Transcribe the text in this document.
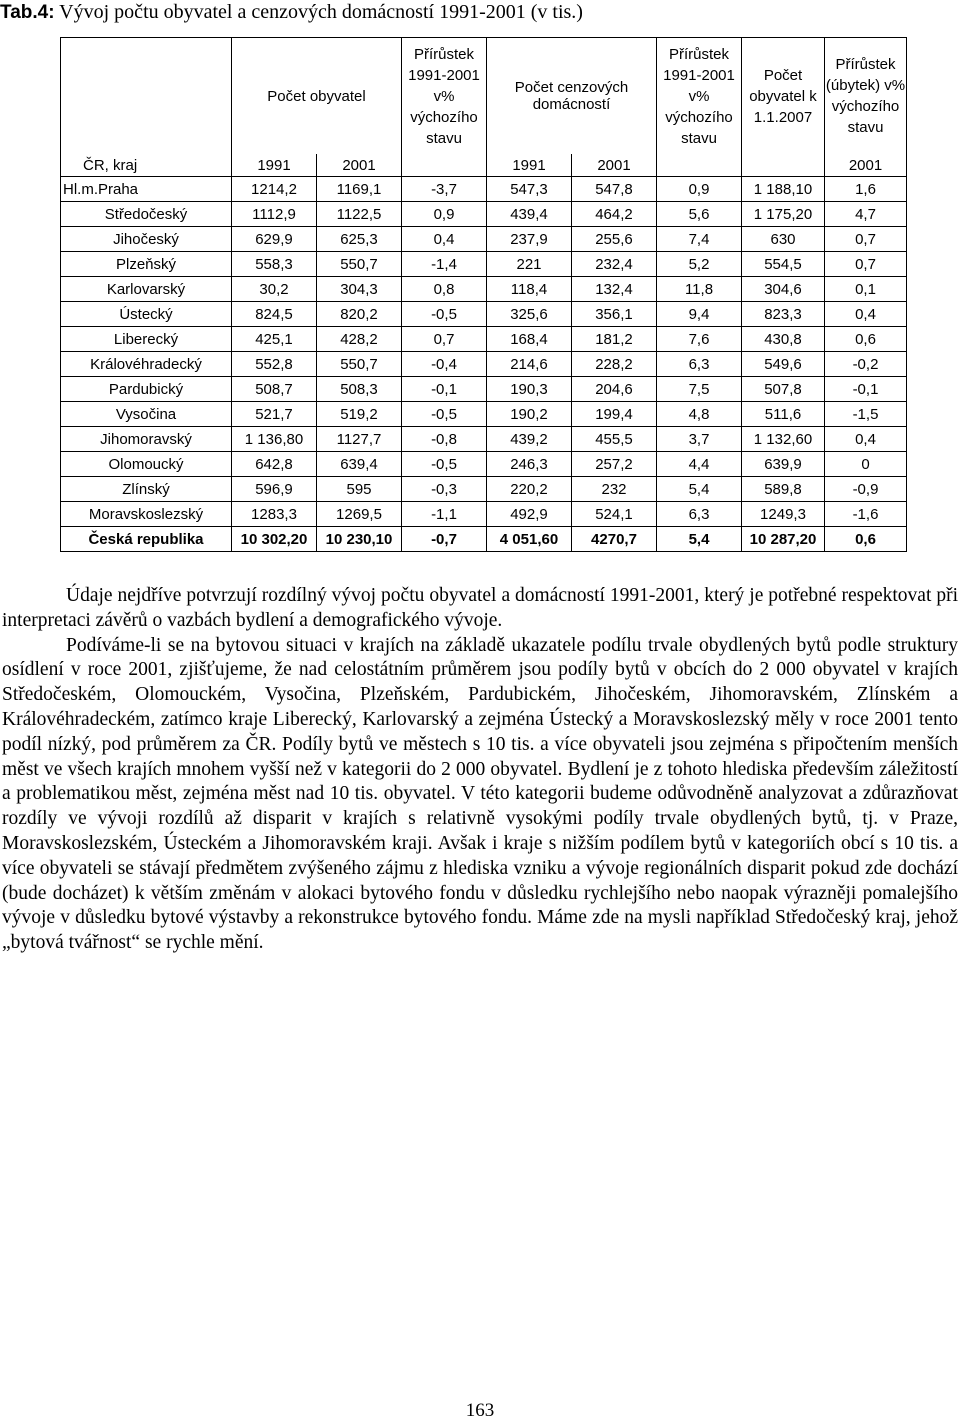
Tab.4: Vývoj počtu obyvatel a cenzových domácností 1991-2001 (v tis.)
	Počet obyvatel		Přírůstek 1991-2001 v% výchozího stavu	Počet cenzových domácností		Přírůstek 1991-2001 v% výchozího stavu	Počet obyvatel k 1.1.2007	Přírůstek (úbytek) v% výchozího stavu
ČR, kraj	1991	2001		1991	2001			2001
Hl.m.Praha	1214,2	1169,1	-3,7	547,3	547,8	0,9	1 188,10	1,6
Středočeský	1112,9	1122,5	0,9	439,4	464,2	5,6	1 175,20	4,7
Jihočeský	629,9	625,3	0,4	237,9	255,6	7,4	630	0,7
Plzeňský	558,3	550,7	-1,4	221	232,4	5,2	554,5	0,7
Karlovarský	30,2	304,3	0,8	118,4	132,4	11,8	304,6	0,1
Ústecký	824,5	820,2	-0,5	325,6	356,1	9,4	823,3	0,4
Liberecký	425,1	428,2	0,7	168,4	181,2	7,6	430,8	0,6
Královéhradecký	552,8	550,7	-0,4	214,6	228,2	6,3	549,6	-0,2
Pardubický	508,7	508,3	-0,1	190,3	204,6	7,5	507,8	-0,1
Vysočina	521,7	519,2	-0,5	190,2	199,4	4,8	511,6	-1,5
Jihomoravský	1 136,80	1127,7	-0,8	439,2	455,5	3,7	1 132,60	0,4
Olomoucký	642,8	639,4	-0,5	246,3	257,2	4,4	639,9	0
Zlínský	596,9	595	-0,3	220,2	232	5,4	589,8	-0,9
Moravskoslezský	1283,3	1269,5	-1,1	492,9	524,1	6,3	1249,3	-1,6
Česká republika	10 302,20	10 230,10	-0,7	4 051,60	4270,7	5,4	10 287,20	0,6

Údaje nejdříve potvrzují rozdílný vývoj počtu obyvatel a domácností 1991-2001, který je potřebné respektovat při interpretaci závěrů o vazbách bydlení a demografického vývoje.

Podíváme-li se na bytovou situaci v krajích na základě ukazatele podílu trvale obydlených bytů podle struktury osídlení v roce 2001, zjišťujeme, že nad celostátním průměrem jsou podíly bytů v obcích do 2 000 obyvatel v krajích Středočeském, Olomouckém, Vysočina, Plzeňském, Pardubickém, Jihočeském, Jihomoravském, Zlínském a Královéhradeckém, zatímco kraje Liberecký, Karlovarský a zejména Ústecký a Moravskoslezský měly v roce 2001 tento podíl nízký, pod průměrem za ČR. Podíly bytů ve městech s 10 tis. a více obyvateli jsou zejména s připočtením menších měst ve všech krajích mnohem vyšší než v kategorii do 2 000 obyvatel. Bydlení je z tohoto hlediska především záležitostí a problematikou měst, zejména měst nad 10 tis. obyvatel. V této kategorii budeme odůvodněně analyzovat a zdůrazňovat rozdíly ve vývoji rozdílů až disparit v krajích s relativně vysokými podíly trvale obydlených bytů, tj. v Praze, Moravskoslezském, Ústeckém a Jihomoravském kraji. Avšak i kraje s nižším podílem bytů v kategoriích obcí s 10 tis. a více obyvateli se stávají předmětem zvýšeného zájmu z hlediska vzniku a vývoje regionálních disparit pokud zde dochází (bude docházet) k větším změnám v alokaci bytového fondu v důsledku rychlejšího nebo naopak výrazněji pomalejšího vývoje v důsledku bytové výstavby a rekonstrukce bytového fondu. Máme zde na mysli například Středočeský kraj, jehož „bytová tvářnost“ se rychle mění.

163
